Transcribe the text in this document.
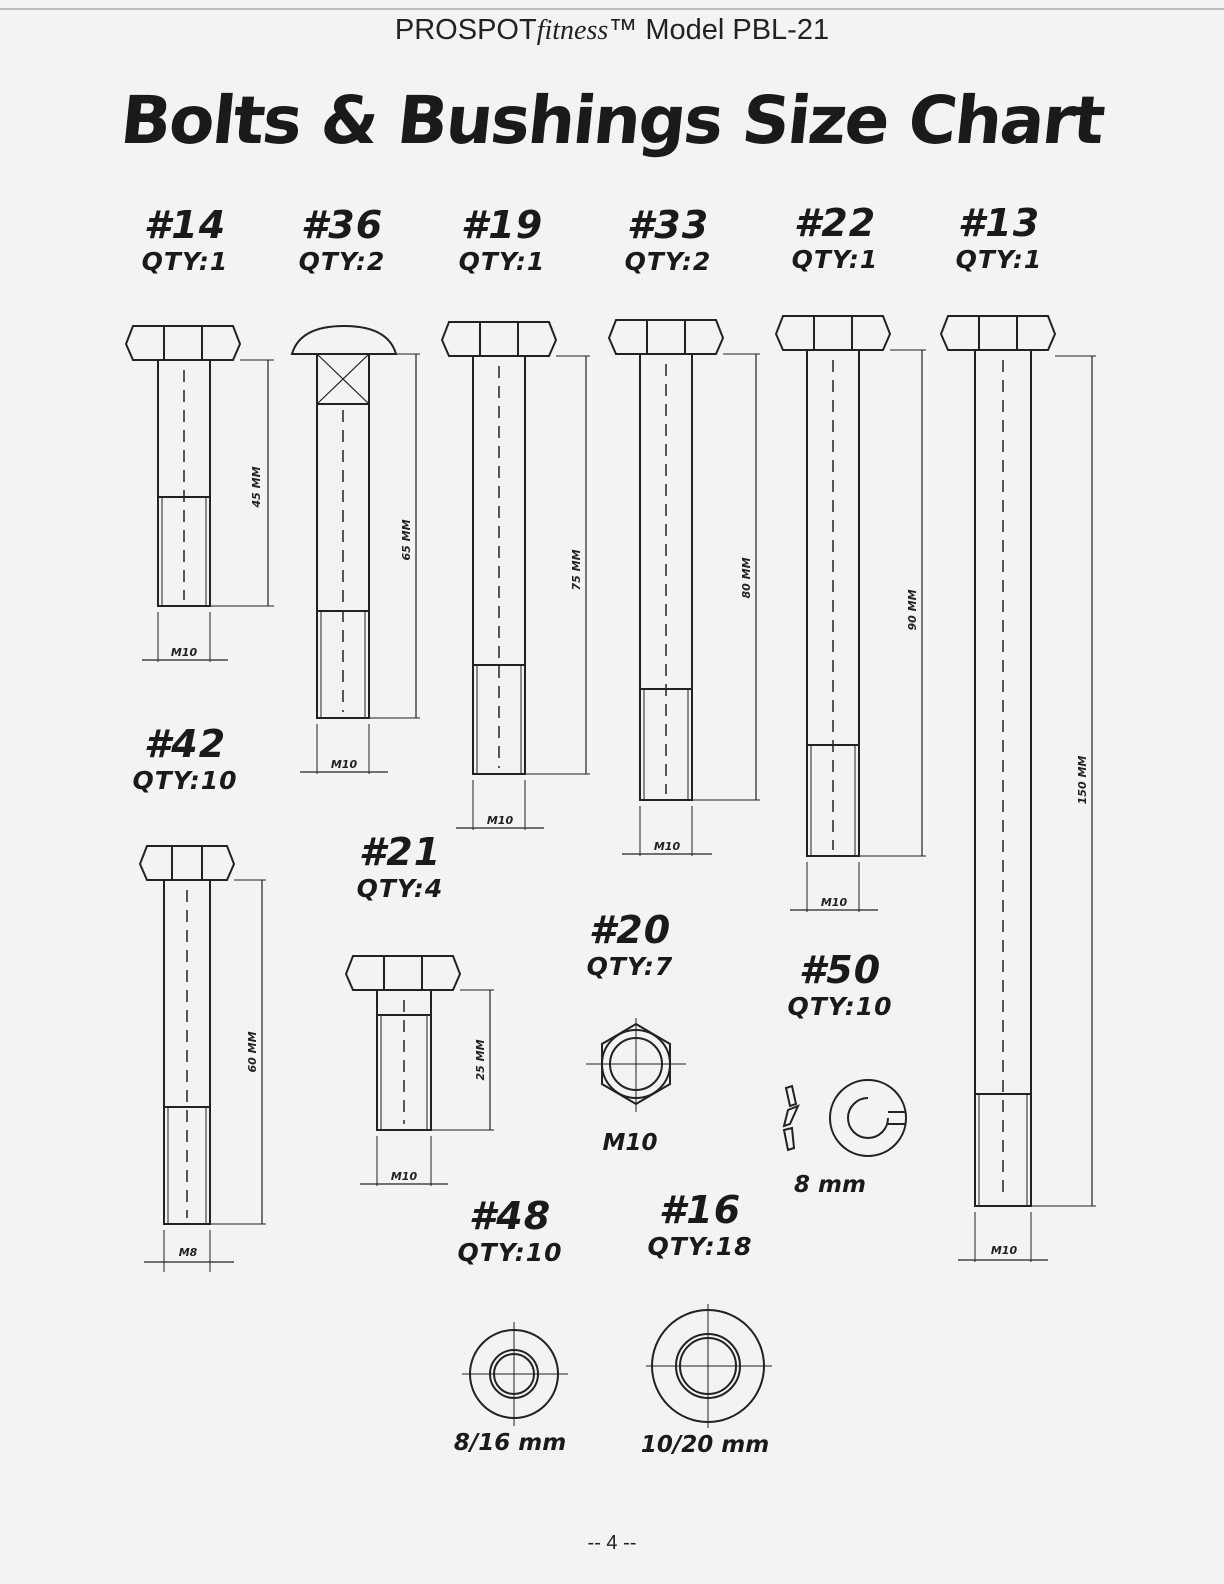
PROSPOTfitness™ Model PBL-21
Bolts & Bushings Size Chart
#14
QTY:1
#36
QTY:2
#19
QTY:1
#33
QTY:2
#22
QTY:1
#13
QTY:1
#42
QTY:10
#21
QTY:4
#20
QTY:7	#50
QTY:10
#48
QTY:10
#16
QTY:18
M10
8 mm
8/16 mm	10/20 mm
45 MM
65 MM
75 MM	80 MM
90 MM
150 MM
60 MM	25 MM
M10
M10
M10
M10
M10
M10
M8
M10
-- 4 --
